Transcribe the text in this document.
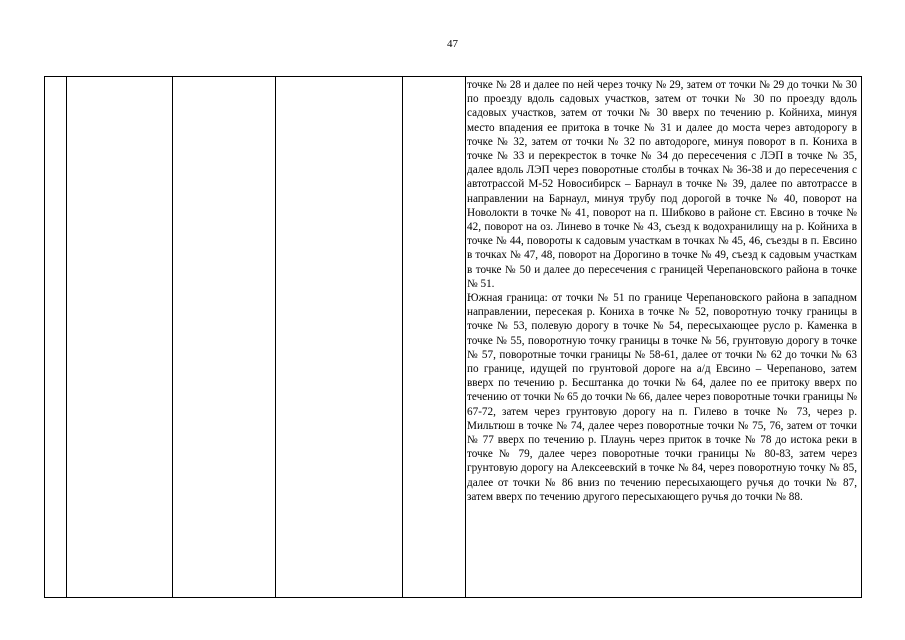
47

точке № 28 и далее по ней через точку № 29, затем от точки № 29 до точки № 30 по проезду вдоль садовых участков, затем от точки № 30 по проезду вдоль садовых участков, затем от точки № 30 вверх по течению р. Койниха, минуя место впадения ее притока в точке № 31 и далее до моста через автодорогу в точке № 32, затем от точки № 32 по автодороге, минуя поворот в п. Кониха в точке № 33 и перекресток в точке № 34 до пересечения с ЛЭП в точке № 35, далее вдоль ЛЭП через поворотные столбы в точках № 36-38 и до пересечения с автотрассой М-52 Новосибирск – Барнаул в точке № 39, далее по автотрассе в направлении на Барнаул, минуя трубу под дорогой в точке № 40, поворот на Новолокти в точке № 41, поворот на п. Шибково в районе ст. Евсино в точке № 42, поворот на оз. Линево в точке № 43, съезд к водохранилищу на р. Койниха в точке № 44, повороты к садовым участкам в точках № 45, 46, съезды в п. Евсино в точках № 47, 48, поворот на Дорогино в точке № 49, съезд к садовым участкам в точке № 50 и далее до пересечения с границей Черепановского района в точке № 51.

Южная граница: от точки № 51 по границе Черепановского района в западном направлении, пересекая р. Кониха в точке № 52, поворотную точку границы в точке № 53, полевую дорогу в точке № 54, пересыхающее русло р. Каменка в точке № 55, поворотную точку границы в точке № 56, грунтовую дорогу в точке № 57, поворотные точки границы № 58-61, далее от точки № 62 до точки № 63 по границе, идущей по грунтовой дороге на а/д Евсино – Черепаново, затем вверх по течению р. Бесштанка до точки № 64, далее по ее притоку вверх по течению от точки № 65 до точки № 66, далее через поворотные точки границы № 67-72, затем через грунтовую дорогу на п. Гилево в точке № 73, через р. Мильтюш в точке № 74, далее через поворотные точки № 75, 76, затем от точки № 77 вверх по течению р. Плаунь через приток в точке № 78 до истока реки в точке № 79, далее через поворотные точки границы № 80-83, затем через грунтовую дорогу на Алексеевский в точке № 84, через поворотную точку № 85, далее от точки № 86 вниз по течению пересыхающего ручья до точки № 87, затем вверх по течению другого пересыхающего ручья до точки № 88.
